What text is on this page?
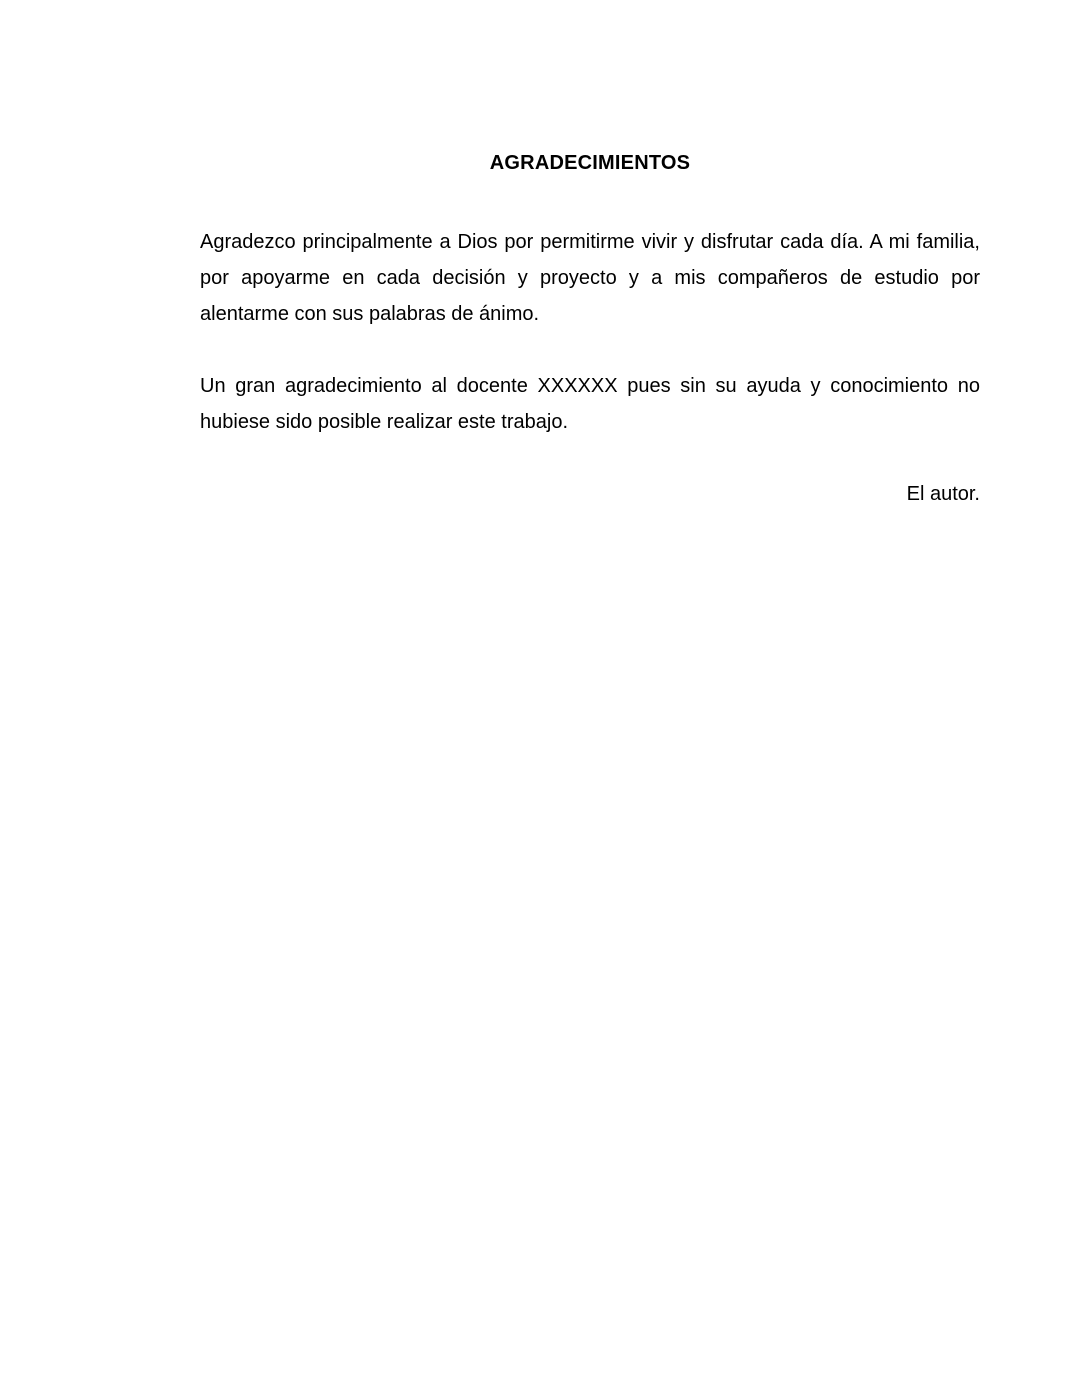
AGRADECIMIENTOS

Agradezco principalmente a Dios por permitirme vivir y disfrutar cada día. A mi familia, por apoyarme en cada decisión y proyecto y a mis compañeros de estudio por alentarme con sus palabras de ánimo.

Un gran agradecimiento al docente XXXXXX pues sin su ayuda y conocimiento no hubiese sido posible realizar este trabajo.

El autor.
